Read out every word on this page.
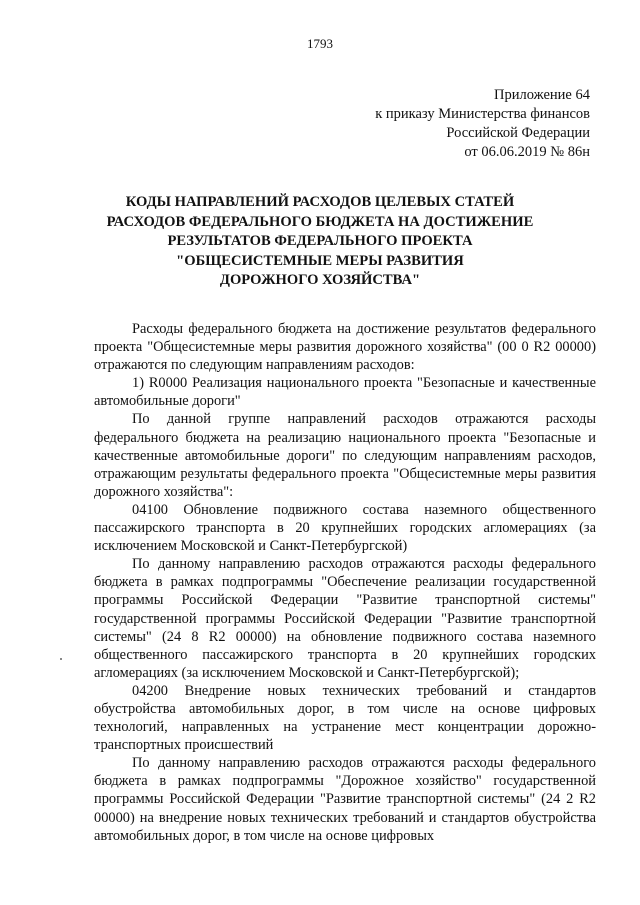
1793
Приложение 64
к приказу Министерства финансов
Российской Федерации
от 06.06.2019 № 86н
КОДЫ НАПРАВЛЕНИЙ РАСХОДОВ ЦЕЛЕВЫХ СТАТЕЙ
РАСХОДОВ ФЕДЕРАЛЬНОГО БЮДЖЕТА НА ДОСТИЖЕНИЕ
РЕЗУЛЬТАТОВ ФЕДЕРАЛЬНОГО ПРОЕКТА
"ОБЩЕСИСТЕМНЫЕ МЕРЫ РАЗВИТИЯ
ДОРОЖНОГО ХОЗЯЙСТВА"

Расходы федерального бюджета на достижение результатов федерального проекта "Общесистемные меры развития дорожного хозяйства" (00 0 R2 00000) отражаются по следующим направлениям расходов:

1) R0000 Реализация национального проекта "Безопасные и качественные автомобильные дороги"

По данной группе направлений расходов отражаются расходы федерального бюджета на реализацию национального проекта "Безопасные и качественные автомобильные дороги" по следующим направлениям расходов, отражающим результаты федерального проекта "Общесистемные меры развития дорожного хозяйства":

04100 Обновление подвижного состава наземного общественного пассажирского транспорта в 20 крупнейших городских агломерациях (за исключением Московской и Санкт-Петербургской)

По данному направлению расходов отражаются расходы федерального бюджета в рамках подпрограммы "Обеспечение реализации государственной программы Российской Федерации "Развитие транспортной системы" государственной программы Российской Федерации "Развитие транспортной системы" (24 8 R2 00000) на обновление подвижного состава наземного общественного пассажирского транспорта в 20 крупнейших городских агломерациях (за исключением Московской и Санкт-Петербургской);

04200 Внедрение новых технических требований и стандартов обустройства автомобильных дорог, в том числе на основе цифровых технологий, направленных на устранение мест концентрации дорожно-транспортных происшествий

По данному направлению расходов отражаются расходы федерального бюджета в рамках подпрограммы "Дорожное хозяйство" государственной программы Российской Федерации "Развитие транспортной системы" (24 2 R2 00000) на внедрение новых технических требований и стандартов обустройства автомобильных дорог, в том числе на основе цифровых
